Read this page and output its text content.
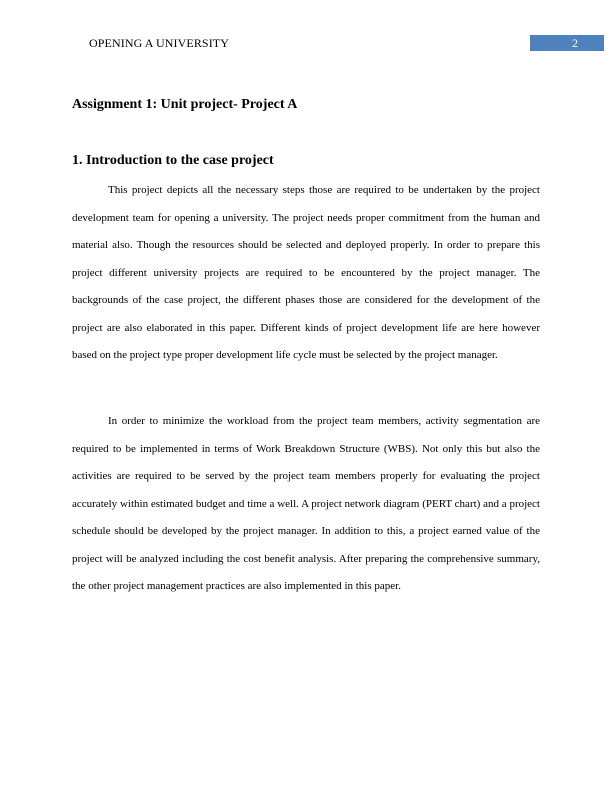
OPENING A UNIVERSITY	2
Assignment 1: Unit project- Project A
1. Introduction to the case project

This project depicts all the necessary steps those are required to be undertaken by the project development team for opening a university. The project needs proper commitment from the human and material also. Though the resources should be selected and deployed properly. In order to prepare this project different university projects are required to be encountered by the project manager. The backgrounds of the case project, the different phases those are considered for the development of the project are also elaborated in this paper. Different kinds of project development life are here however based on the project type proper development life cycle must be selected by the project manager.

In order to minimize the workload from the project team members, activity segmentation are required to be implemented in terms of Work Breakdown Structure (WBS). Not only this but also the activities are required to be served by the project team members properly for evaluating the project accurately within estimated budget and time a well. A project network diagram (PERT chart) and a project schedule should be developed by the project manager. In addition to this, a project earned value of the project will be analyzed including the cost benefit analysis. After preparing the comprehensive summary, the other project management practices are also implemented in this paper.
